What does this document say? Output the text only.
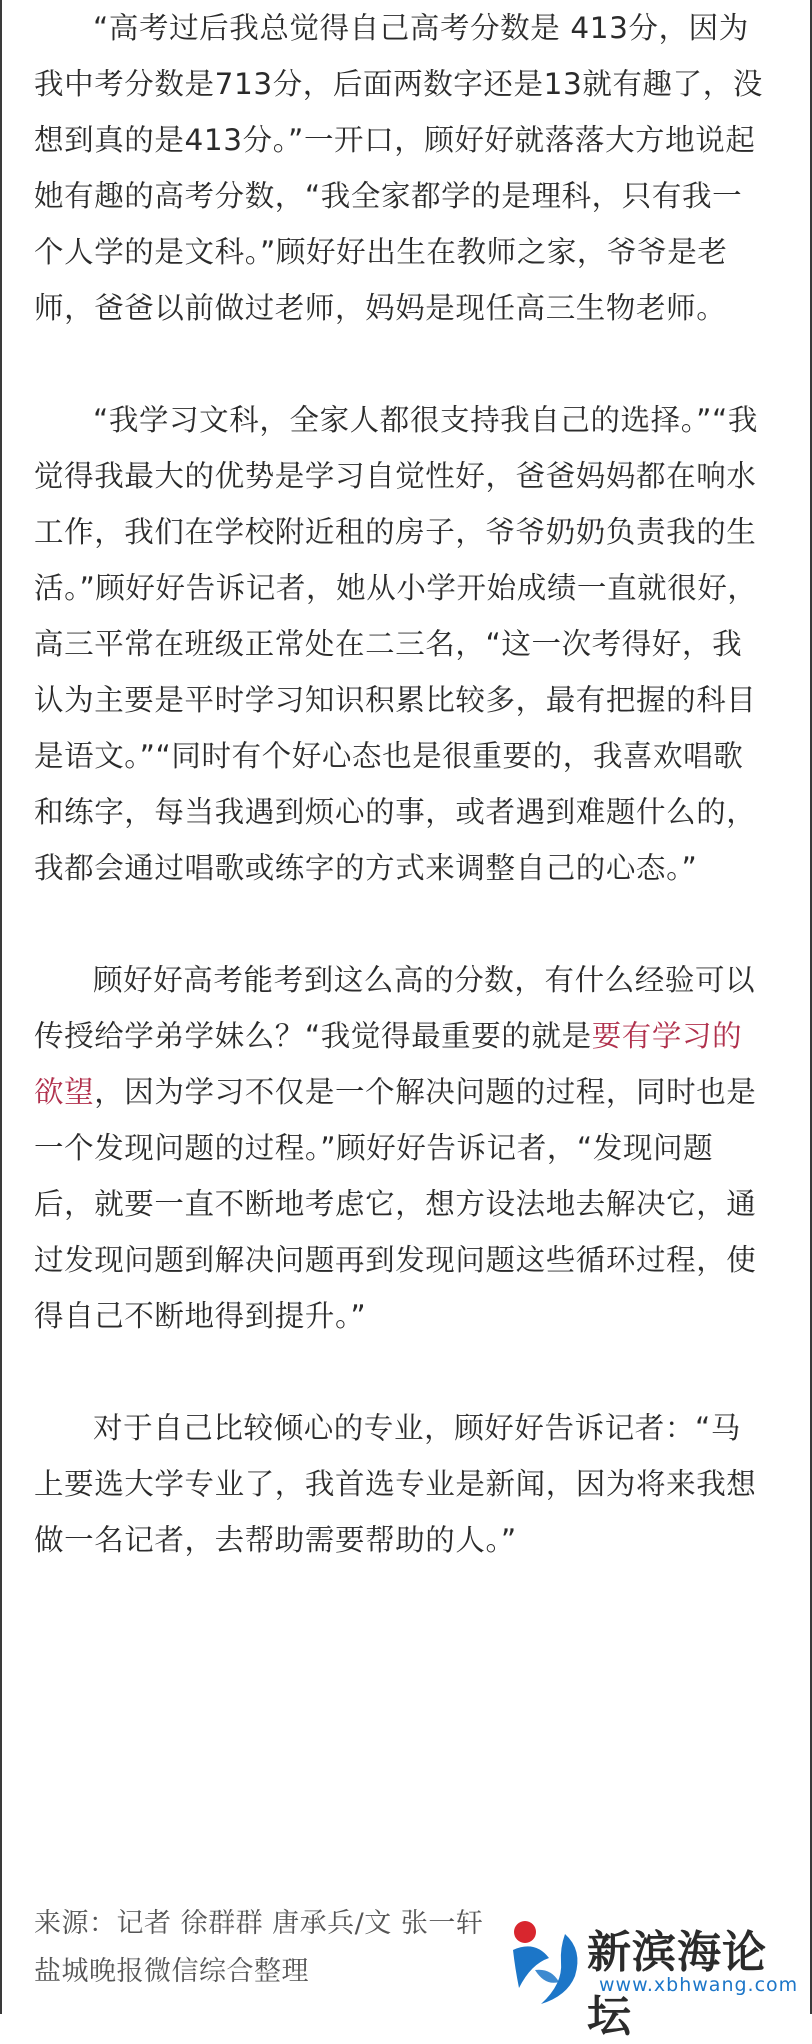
“高考过后我总觉得自己高考分数是 413分，因为我中考分数是713分，后面两数字还是13就有趣了，没想到真的是413分。”一开口，顾好好就落落大方地说起她有趣的高考分数，“我全家都学的是理科，只有我一个人学的是文科。”顾好好出生在教师之家，爷爷是老师，爸爸以前做过老师，妈妈是现任高三生物老师。

“我学习文科，全家人都很支持我自己的选择。”“我觉得我最大的优势是学习自觉性好，爸爸妈妈都在响水工作，我们在学校附近租的房子，爷爷奶奶负责我的生活。”顾好好告诉记者，她从小学开始成绩一直就很好，高三平常在班级正常处在二三名，“这一次考得好，我认为主要是平时学习知识积累比较多，最有把握的科目是语文。”“同时有个好心态也是很重要的，我喜欢唱歌和练字，每当我遇到烦心的事，或者遇到难题什么的，我都会通过唱歌或练字的方式来调整自己的心态。”

顾好好高考能考到这么高的分数，有什么经验可以传授给学弟学妹么？“我觉得最重要的就是要有学习的欲望，因为学习不仅是一个解决问题的过程，同时也是一个发现问题的过程。”顾好好告诉记者，“发现问题后，就要一直不断地考虑它，想方设法地去解决它，通过发现问题到解决问题再到发现问题这些循环过程，使得自己不断地得到提升。”

对于自己比较倾心的专业，顾好好告诉记者：“马上要选大学专业了，我首选专业是新闻，因为将来我想做一名记者，去帮助需要帮助的人。”

来源：记者 徐群群 唐承兵/文 张一轩
盐城晚报微信综合整理	新滨海论坛
www.xbhwang.com
